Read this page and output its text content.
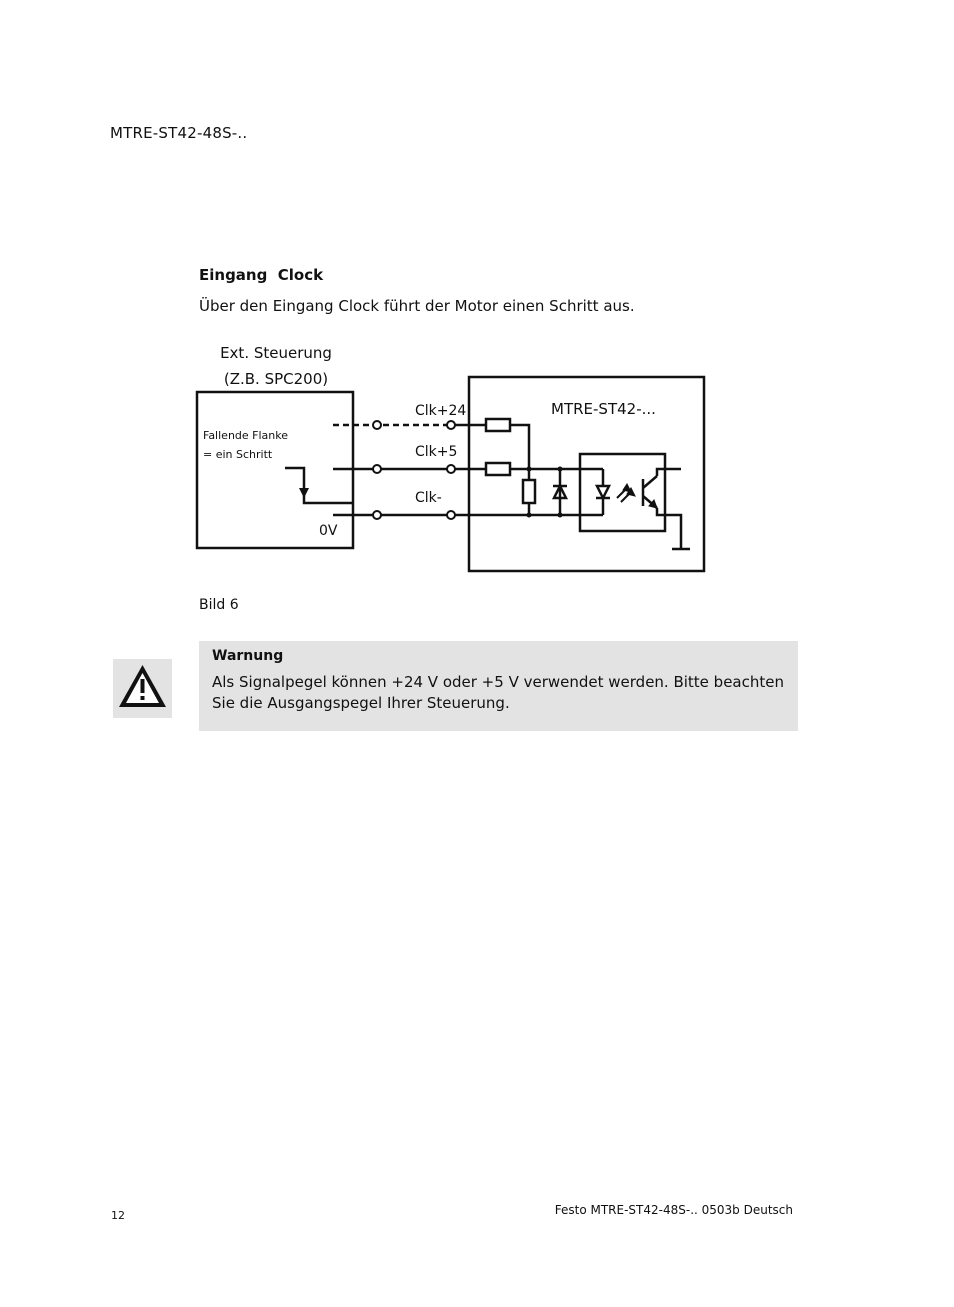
MTRE-ST42-48S-..
Eingang  Clock
Über den Eingang Clock führt der Motor einen Schritt aus.
Ext. Steuerung
(Z.B. SPC200)
Fallende Flanke
= ein Schritt
0V
MTRE-ST42-...
Clk+24
Clk+5
Clk-
Bild 6
Warnung
Als Signalpegel können +24 V oder +5 V verwendet werden. Bitte beachten Sie die Ausgangspegel Ihrer Steuerung.
12	Festo MTRE-ST42-48S-.. 0503b Deutsch
